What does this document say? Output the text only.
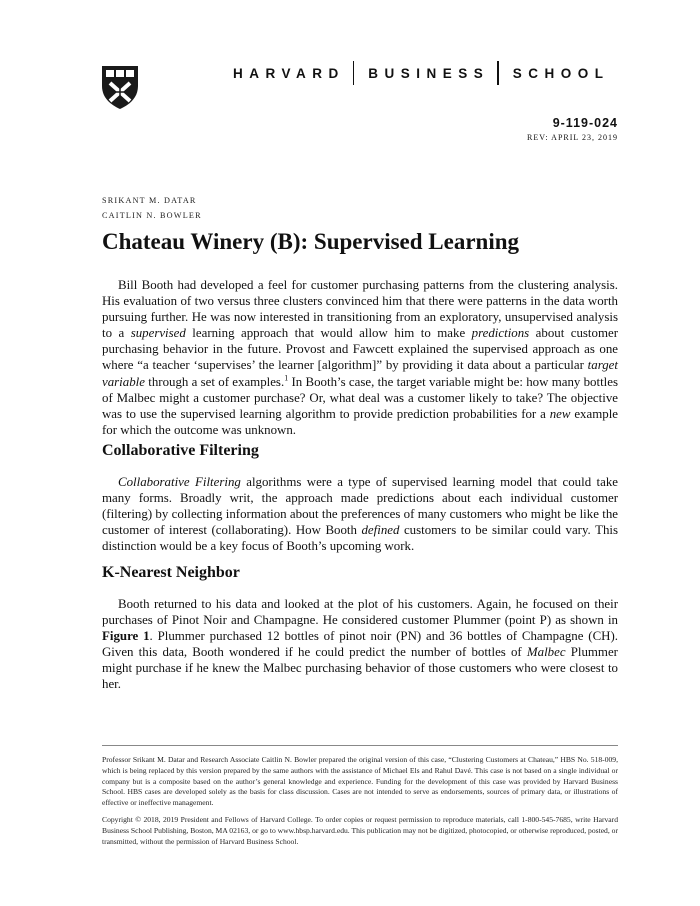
HARVARD BUSINESS SCHOOL
9-119-024
REV: APRIL 23, 2019
SRIKANT M. DATAR
CAITLIN N. BOWLER
Chateau Winery (B): Supervised Learning

Bill Booth had developed a feel for customer purchasing patterns from the clustering analysis. His evaluation of two versus three clusters convinced him that there were patterns in the data worth pursuing further. He was now interested in transitioning from an exploratory, unsupervised analysis to a supervised learning approach that would allow him to make predictions about customer purchasing behavior in the future. Provost and Fawcett explained the supervised approach as one where “a teacher ‘supervises’ the learner [algorithm]” by providing it data about a particular target variable through a set of examples.$^1$ In Booth’s case, the target variable might be: how many bottles of Malbec might a customer purchase? Or, what deal was a customer likely to take? The objective was to use the supervised learning algorithm to provide prediction probabilities for a new example for which the outcome was unknown.

Collaborative Filtering

Collaborative Filtering algorithms were a type of supervised learning model that could take many forms. Broadly writ, the approach made predictions about each individual customer (filtering) by collecting information about the preferences of many customers who might be like the customer of interest (collaborating). How Booth defined customers to be similar could vary. This distinction would be a key focus of Booth’s upcoming work.

K-Nearest Neighbor

Booth returned to his data and looked at the plot of his customers. Again, he focused on their purchases of Pinot Noir and Champagne. He considered customer Plummer (point P) as shown in Figure 1. Plummer purchased 12 bottles of pinot noir (PN) and 36 bottles of Champagne (CH). Given this data, Booth wondered if he could predict the number of bottles of Malbec Plummer might purchase if he knew the Malbec purchasing behavior of those customers who were closest to her.

Professor Srikant M. Datar and Research Associate Caitlin N. Bowler prepared the original version of this case, “Clustering Customers at Chateau,” HBS No. 518-009, which is being replaced by this version prepared by the same authors with the assistance of Michael Els and Rahul Davé. This case is not based on a single individual or company but is a composite based on the author’s general knowledge and experience. Funding for the development of this case was provided by Harvard Business School. HBS cases are developed solely as the basis for class discussion. Cases are not intended to serve as endorsements, sources of primary data, or illustrations of effective or ineffective management.

Copyright © 2018, 2019 President and Fellows of Harvard College. To order copies or request permission to reproduce materials, call 1-800-545-7685, write Harvard Business School Publishing, Boston, MA 02163, or go to www.hbsp.harvard.edu. This publication may not be digitized, photocopied, or otherwise reproduced, posted, or transmitted, without the permission of Harvard Business School.
